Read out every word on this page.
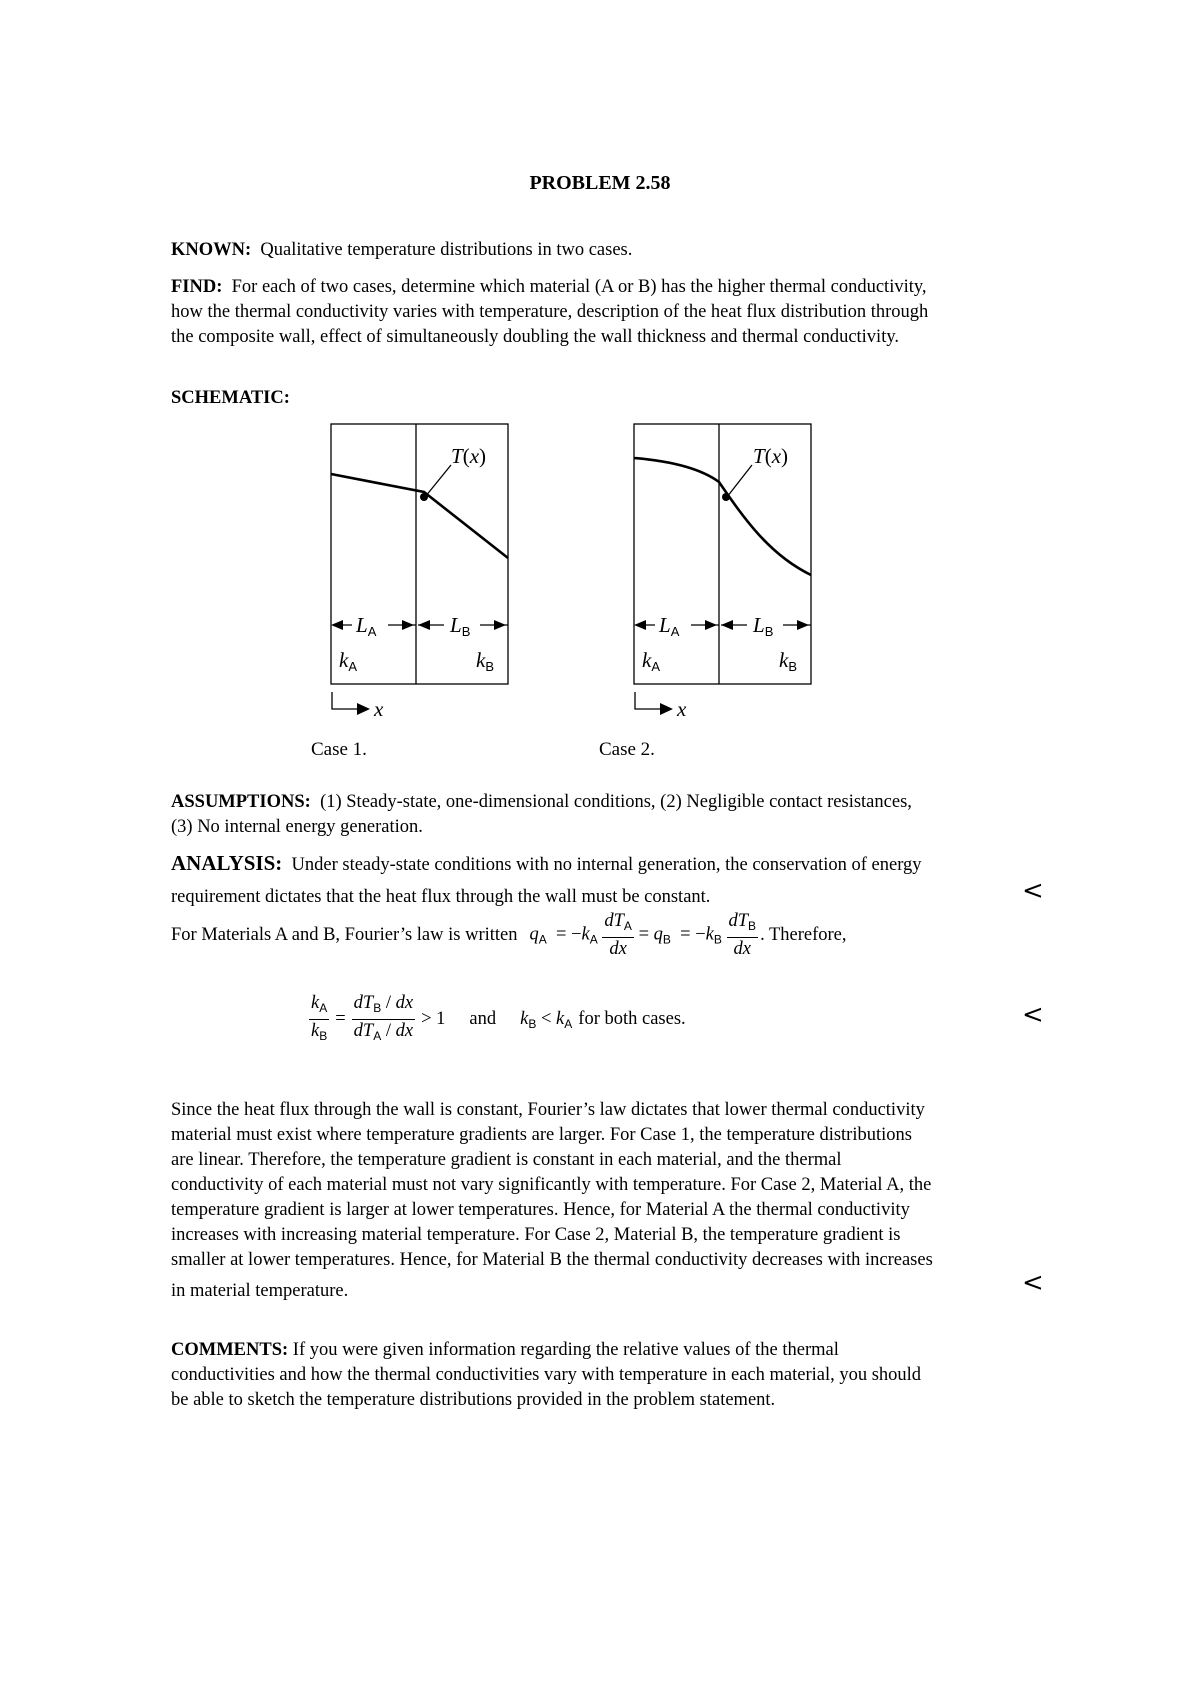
PROBLEM 2.58

KNOWN: Qualitative temperature distributions in two cases.

FIND: For each of two cases, determine which material (A or B) has the higher thermal conductivity,

how the thermal conductivity varies with temperature, description of the heat flux distribution through

the composite wall, effect of simultaneously doubling the wall thickness and thermal conductivity.

SCHEMATIC:
T(x)
LA	LB
kA	kB
x
Case 1.
T(x)
LA	LB
kA	kB
x
Case 2.

ASSUMPTIONS: (1) Steady-state, one-dimensional conditions, (2) Negligible contact resistances,

(3) No internal energy generation.

ANALYSIS: Under steady-state conditions with no internal generation, the conservation of energy
requirement dictates that the heat flux through the wall must be constant.	<
For Materials A and B, Fourier’s law is written $q_A = -k_A \frac{dT_A}{dx} = q_B = -k_B \frac{dT_B}{dx}$ . Therefore,
$\frac{k_A}{k_B} = \frac{dT_B / dx}{dT_A / dx} > 1$ and $k_B < k_A$ for both cases.	<

Since the heat flux through the wall is constant, Fourier’s law dictates that lower thermal conductivity

material must exist where temperature gradients are larger. For Case 1, the temperature distributions

are linear. Therefore, the temperature gradient is constant in each material, and the thermal

conductivity of each material must not vary significantly with temperature. For Case 2, Material A, the

temperature gradient is larger at lower temperatures. Hence, for Material A the thermal conductivity

increases with increasing material temperature. For Case 2, Material B, the temperature gradient is

smaller at lower temperatures. Hence, for Material B the thermal conductivity decreases with increases

in material temperature.	<

COMMENTS: If you were given information regarding the relative values of the thermal

conductivities and how the thermal conductivities vary with temperature in each material, you should

be able to sketch the temperature distributions provided in the problem statement.
